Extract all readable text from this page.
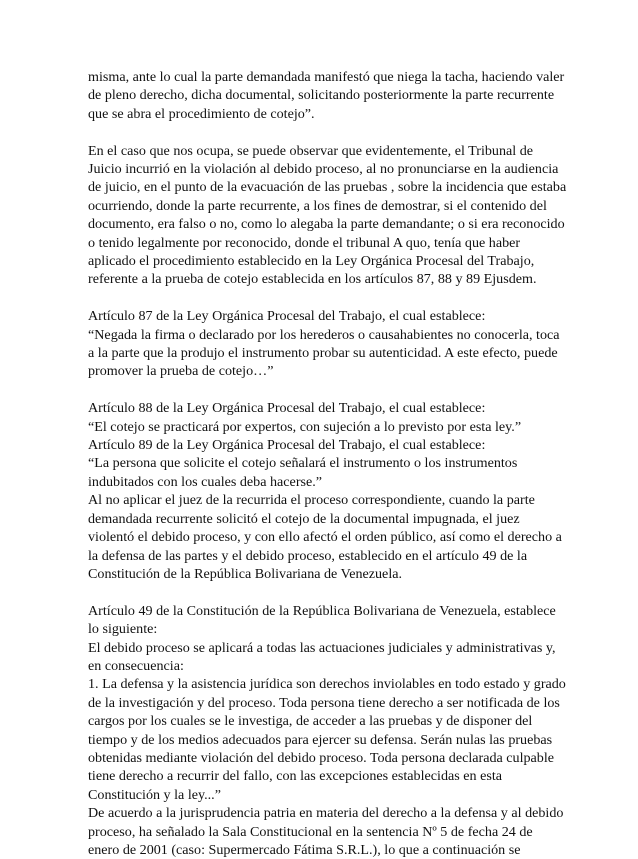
misma, ante lo cual la parte demandada manifestó que niega la tacha, haciendo valer
de pleno derecho, dicha documental, solicitando posteriormente la parte recurrente
que se abra el procedimiento de cotejo”.

En el caso que nos ocupa, se puede observar que evidentemente, el Tribunal de
Juicio incurrió en la violación al debido proceso, al no pronunciarse en la audiencia
de juicio, en el punto de la evacuación de las pruebas , sobre la incidencia que estaba
ocurriendo, donde la parte recurrente, a los fines de demostrar, si el contenido del
documento, era falso o no, como lo alegaba la parte demandante; o si era reconocido
o tenido legalmente por reconocido, donde el tribunal A quo, tenía que haber
aplicado el procedimiento establecido en la Ley Orgánica Procesal del Trabajo,
referente a la prueba de cotejo establecida en los artículos 87, 88 y 89 Ejusdem.

Artículo 87 de la Ley Orgánica Procesal del Trabajo, el cual establece:
“Negada la firma o declarado por los herederos o causahabientes no conocerla, toca
a la parte que la produjo el instrumento probar su autenticidad. A este efecto, puede
promover la prueba de cotejo…”

Artículo 88 de la Ley Orgánica Procesal del Trabajo, el cual establece:
“El cotejo se practicará por expertos, con sujeción a lo previsto por esta ley.”
Artículo 89 de la Ley Orgánica Procesal del Trabajo, el cual establece:
“La persona que solicite el cotejo señalará el instrumento o los instrumentos
indubitados con los cuales deba hacerse.”
Al no aplicar el juez de la recurrida el proceso correspondiente, cuando la parte
demandada recurrente solicitó el cotejo de la documental impugnada, el juez
violentó el debido proceso, y con ello afectó el orden público, así como el derecho a
la defensa de las partes y el debido proceso, establecido en el artículo 49 de la
Constitución de la República Bolivariana de Venezuela.

Artículo 49 de la Constitución de la República Bolivariana de Venezuela, establece
lo siguiente:
El debido proceso se aplicará a todas las actuaciones judiciales y administrativas y,
en consecuencia:
1. La defensa y la asistencia jurídica son derechos inviolables en todo estado y grado
de la investigación y del proceso. Toda persona tiene derecho a ser notificada de los
cargos por los cuales se le investiga, de acceder a las pruebas y de disponer del
tiempo y de los medios adecuados para ejercer su defensa. Serán nulas las pruebas
obtenidas mediante violación del debido proceso. Toda persona declarada culpable
tiene derecho a recurrir del fallo, con las excepciones establecidas en esta
Constitución y la ley...”
De acuerdo a la jurisprudencia patria en materia del derecho a la defensa y al debido
proceso, ha señalado la Sala Constitucional en la sentencia Nº 5 de fecha 24 de
enero de 2001 (caso: Supermercado Fátima S.R.L.), lo que a continuación se
